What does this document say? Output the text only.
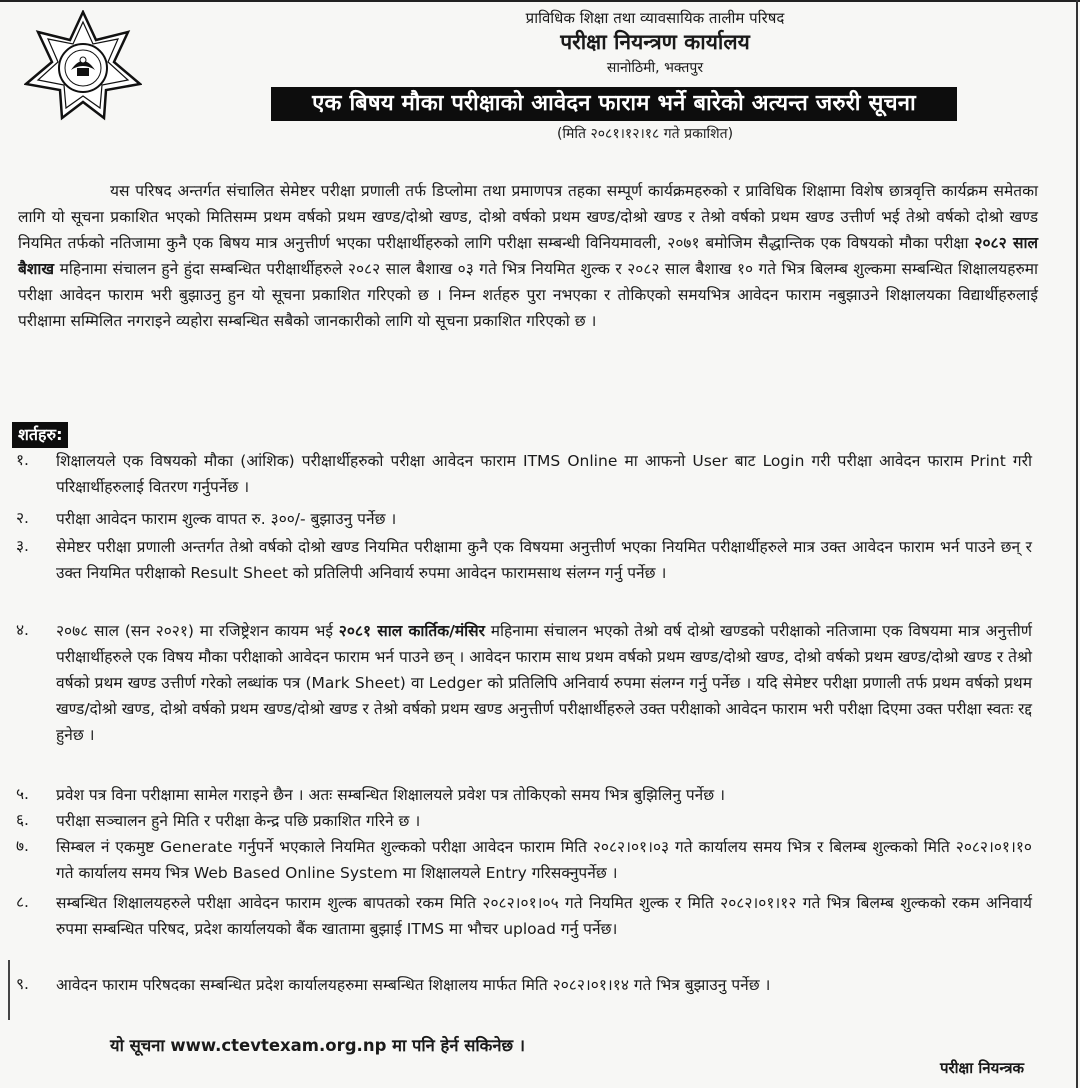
प्राविधिक शिक्षा तथा व्यावसायिक तालीम परिषद
परीक्षा नियन्त्रण कार्यालय
सानोठिमी, भक्तपुर
एक बिषय मौका परीक्षाको आवेदन फाराम भर्ने बारेको अत्यन्त जरुरी सूचना
(मिति २०८१।१२।१८ गते प्रकाशित)
यस परिषद अन्तर्गत संचालित सेमेष्टर परीक्षा प्रणाली तर्फ डिप्लोमा तथा प्रमाणपत्र तहका सम्पूर्ण कार्यक्रमहरुको र प्राविधिक शिक्षामा विशेष छात्रवृत्ति कार्यक्रम समेतका लागि यो सूचना प्रकाशित भएको मितिसम्म प्रथम वर्षको प्रथम खण्ड/दोश्रो खण्ड, दोश्रो वर्षको प्रथम खण्ड/दोश्रो खण्ड र तेश्रो वर्षको प्रथम खण्ड उत्तीर्ण भई तेश्रो वर्षको दोश्रो खण्ड नियमित तर्फको नतिजामा कुनै एक बिषय मात्र अनुत्तीर्ण भएका परीक्षार्थीहरुको लागि परीक्षा सम्बन्धी विनियमावली, २०७१ बमोजिम सैद्धान्तिक एक विषयको मौका परीक्षा २०८२ साल बैशाख महिनामा संचालन हुने हुंदा सम्बन्धित परीक्षार्थीहरुले २०८२ साल बैशाख ०३ गते भित्र नियमित शुल्क र २०८२ साल बैशाख १० गते भित्र बिलम्ब शुल्कमा सम्बन्धित शिक्षालयहरुमा परीक्षा आवेदन फाराम भरी बुझाउनु हुन यो सूचना प्रकाशित गरिएको छ । निम्न शर्तहरु पुरा नभएका र तोकिएको समयभित्र आवेदन फाराम नबुझाउने शिक्षालयका विद्यार्थीहरुलाई परीक्षामा सम्मिलित नगराइने व्यहोरा सम्बन्धित सबैको जानकारीको लागि यो सूचना प्रकाशित गरिएको छ ।
शर्तहरु:
१. शिक्षालयले एक विषयको मौका (आंशिक) परीक्षार्थीहरुको परीक्षा आवेदन फाराम ITMS Online मा आफनो User बाट Login गरी परीक्षा आवेदन फाराम Print गरी परिक्षार्थीहरुलाई वितरण गर्नुपर्नेछ ।
२. परीक्षा आवेदन फाराम शुल्क वापत रु. ३००/- बुझाउनु पर्नेछ ।
३. सेमेष्टर परीक्षा प्रणाली अन्तर्गत तेश्रो वर्षको दोश्रो खण्ड नियमित परीक्षामा कुनै एक विषयमा अनुत्तीर्ण भएका नियमित परीक्षार्थीहरुले मात्र उक्त आवेदन फाराम भर्न पाउने छन् र उक्त नियमित परीक्षाको Result Sheet को प्रतिलिपी अनिवार्य रुपमा आवेदन फारामसाथ संलग्न गर्नु पर्नेछ ।
४. २०७८ साल (सन २०२१) मा रजिष्ट्रेशन कायम भई २०८१ साल कार्तिक/मंसिर महिनामा संचालन भएको तेश्रो वर्ष दोश्रो खण्डको परीक्षाको नतिजामा एक विषयमा मात्र अनुत्तीर्ण परीक्षार्थीहरुले एक विषय मौका परीक्षाको आवेदन फाराम भर्न पाउने छन् । आवेदन फाराम साथ प्रथम वर्षको प्रथम खण्ड/दोश्रो खण्ड, दोश्रो वर्षको प्रथम खण्ड/दोश्रो खण्ड र तेश्रो वर्षको प्रथम खण्ड उत्तीर्ण गरेको लब्धांक पत्र (Mark Sheet) वा Ledger को प्रतिलिपि अनिवार्य रुपमा संलग्न गर्नु पर्नेछ । यदि सेमेष्टर परीक्षा प्रणाली तर्फ प्रथम वर्षको प्रथम खण्ड/दोश्रो खण्ड, दोश्रो वर्षको प्रथम खण्ड/दोश्रो खण्ड र तेश्रो वर्षको प्रथम खण्ड अनुत्तीर्ण परीक्षार्थीहरुले उक्त परीक्षाको आवेदन फाराम भरी परीक्षा दिएमा उक्त परीक्षा स्वतः रद्द हुनेछ ।
५. प्रवेश पत्र विना परीक्षामा सामेल गराइने छैन । अतः सम्बन्धित शिक्षालयले प्रवेश पत्र तोकिएको समय भित्र बुझिलिनु पर्नेछ ।
६. परीक्षा सञ्चालन हुने मिति र परीक्षा केन्द्र पछि प्रकाशित गरिने छ ।
७. सिम्बल नं एकमुष्ट Generate गर्नुपर्ने भएकाले नियमित शुल्कको परीक्षा आवेदन फाराम मिति २०८२।०१।०३ गते कार्यालय समय भित्र र बिलम्ब शुल्कको मिति २०८२।०१।१० गते कार्यालय समय भित्र Web Based Online System मा शिक्षालयले Entry गरिसक्नुपर्नेछ ।
८. सम्बन्धित शिक्षालयहरुले परीक्षा आवेदन फाराम शुल्क बापतको रकम मिति २०८२।०१।०५ गते नियमित शुल्क र मिति २०८२।०१।१२ गते भित्र बिलम्ब शुल्कको रकम अनिवार्य रुपमा सम्बन्धित परिषद, प्रदेश कार्यालयको बैंक खातामा बुझाई ITMS मा भौचर upload गर्नु पर्नेछ।
९. आवेदन फाराम परिषदका सम्बन्धित प्रदेश कार्यालयहरुमा सम्बन्धित शिक्षालय मार्फत मिति २०८२।०१।१४ गते भित्र बुझाउनु पर्नेछ ।
यो सूचना www.ctevtexam.org.np मा पनि हेर्न सकिनेछ ।
परीक्षा नियन्त्रक
